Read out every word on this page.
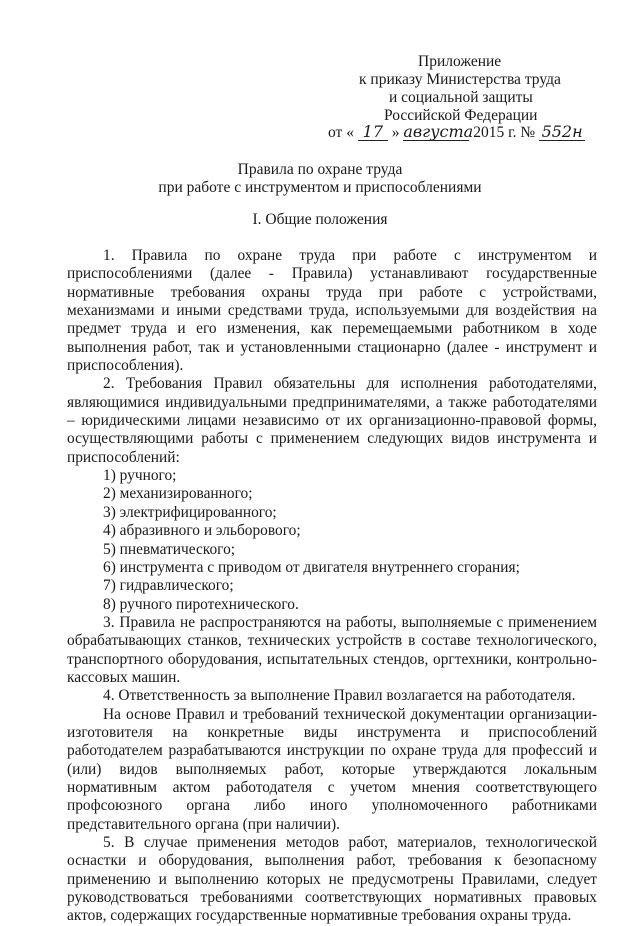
Приложение
к приказу Министерства труда
и социальной защиты
Российской Федерации
от « 17 » августа 2015 г. № 552н
Правила по охране труда
при работе с инструментом и приспособлениями
I. Общие положения

1. Правила по охране труда при работе с инструментом и приспособлениями (далее - Правила) устанавливают государственные нормативные требования охраны труда при работе с устройствами, механизмами и иными средствами труда, используемыми для воздействия на предмет труда и его изменения, как перемещаемыми работником в ходе выполнения работ, так и установленными стационарно (далее - инструмент и приспособления).

2. Требования Правил обязательны для исполнения работодателями, являющимися индивидуальными предпринимателями, а также работодателями – юридическими лицами независимо от их организационно-правовой формы, осуществляющими работы с применением следующих видов инструмента и приспособлений:

1) ручного;

2) механизированного;

3) электрифицированного;

4) абразивного и эльборового;

5) пневматического;

6) инструмента с приводом от двигателя внутреннего сгорания;

7) гидравлического;

8) ручного пиротехнического.

3. Правила не распространяются на работы, выполняемые с применением обрабатывающих станков, технических устройств в составе технологического, транспортного оборудования, испытательных стендов, оргтехники, контрольно-кассовых машин.

4. Ответственность за выполнение Правил возлагается на работодателя.

На основе Правил и требований технической документации организации-изготовителя на конкретные виды инструмента и приспособлений работодателем разрабатываются инструкции по охране труда для профессий и (или) видов выполняемых работ, которые утверждаются локальным нормативным актом работодателя с учетом мнения соответствующего профсоюзного органа либо иного уполномоченного работниками представительного органа (при наличии).

5. В случае применения методов работ, материалов, технологической оснастки и оборудования, выполнения работ, требования к безопасному применению и выполнению которых не предусмотрены Правилами, следует руководствоваться требованиями соответствующих нормативных правовых актов, содержащих государственные нормативные требования охраны труда.
